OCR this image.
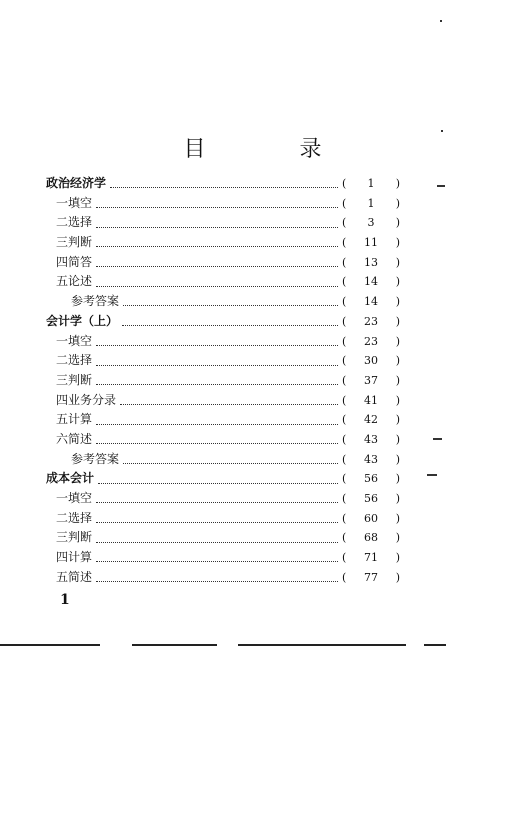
目　录
政治经济学	(	1	)
一填空	(	1	)
二选择	(	3	)
三判断	(	11	)
四简答	(	13	)
五论述	(	14	)
参考答案	(	14	)
会计学（上）	(	23	)
一填空	(	23	)
二选择	(	30	)
三判断	(	37	)
四业务分录	(	41	)
五计算	(	42	)
六简述	(	43	)
参考答案	(	43	)
成本会计	(	56	)
一填空	(	56	)
二选择	(	60	)
三判断	(	68	)
四计算	(	71	)
五简述	(	77	)
1
